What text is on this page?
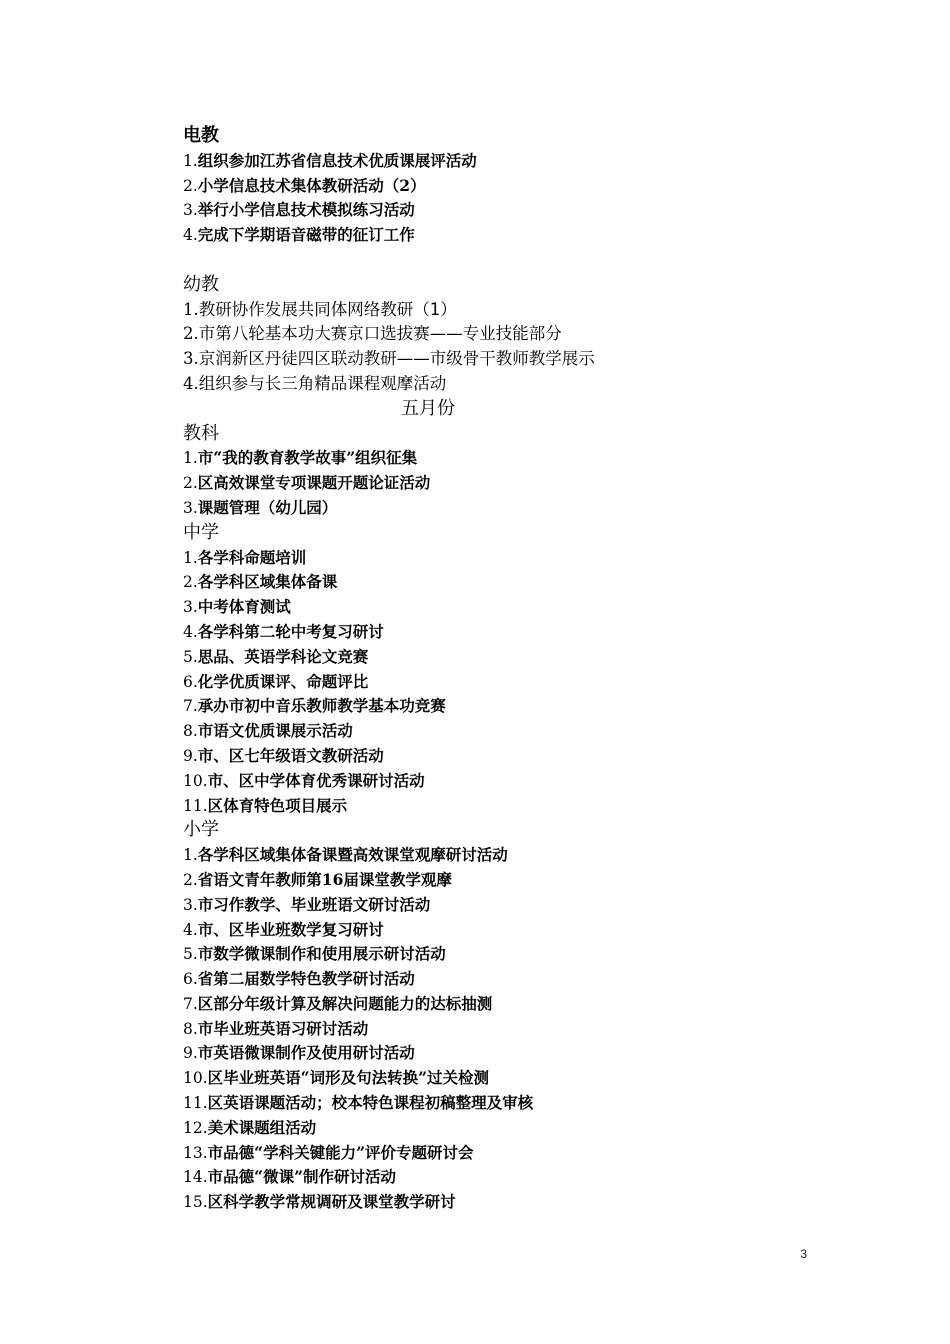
电教
1.组织参加江苏省信息技术优质课展评活动
2.小学信息技术集体教研活动（2）
3.举行小学信息技术模拟练习活动
4.完成下学期语音磁带的征订工作
幼教
1.教研协作发展共同体网络教研（1）
2.市第八轮基本功大赛京口选拔赛——专业技能部分
3.京润新区丹徒四区联动教研——市级骨干教师教学展示
4.组织参与长三角精品课程观摩活动
五月份
教科
1.市“我的教育教学故事”组织征集
2.区高效课堂专项课题开题论证活动
3.课题管理（幼儿园）
中学
1.各学科命题培训
2.各学科区域集体备课
3.中考体育测试
4.各学科第二轮中考复习研讨
5.思品、英语学科论文竞赛
6.化学优质课评、命题评比
7.承办市初中音乐教师教学基本功竞赛
8.市语文优质课展示活动
9.市、区七年级语文教研活动
10.市、区中学体育优秀课研讨活动
11.区体育特色项目展示
小学
1.各学科区域集体备课暨高效课堂观摩研讨活动
2.省语文青年教师第16届课堂教学观摩
3.市习作教学、毕业班语文研讨活动
4.市、区毕业班数学复习研讨
5.市数学微课制作和使用展示研讨活动
6.省第二届数学特色教学研讨活动
7.区部分年级计算及解决问题能力的达标抽测
8.市毕业班英语习研讨活动
9.市英语微课制作及使用研讨活动
10.区毕业班英语“词形及句法转换”过关检测
11.区英语课题活动；校本特色课程初稿整理及审核
12.美术课题组活动
13.市品德“学科关键能力”评价专题研讨会
14.市品德“微课”制作研讨活动
15.区科学教学常规调研及课堂教学研讨
3
